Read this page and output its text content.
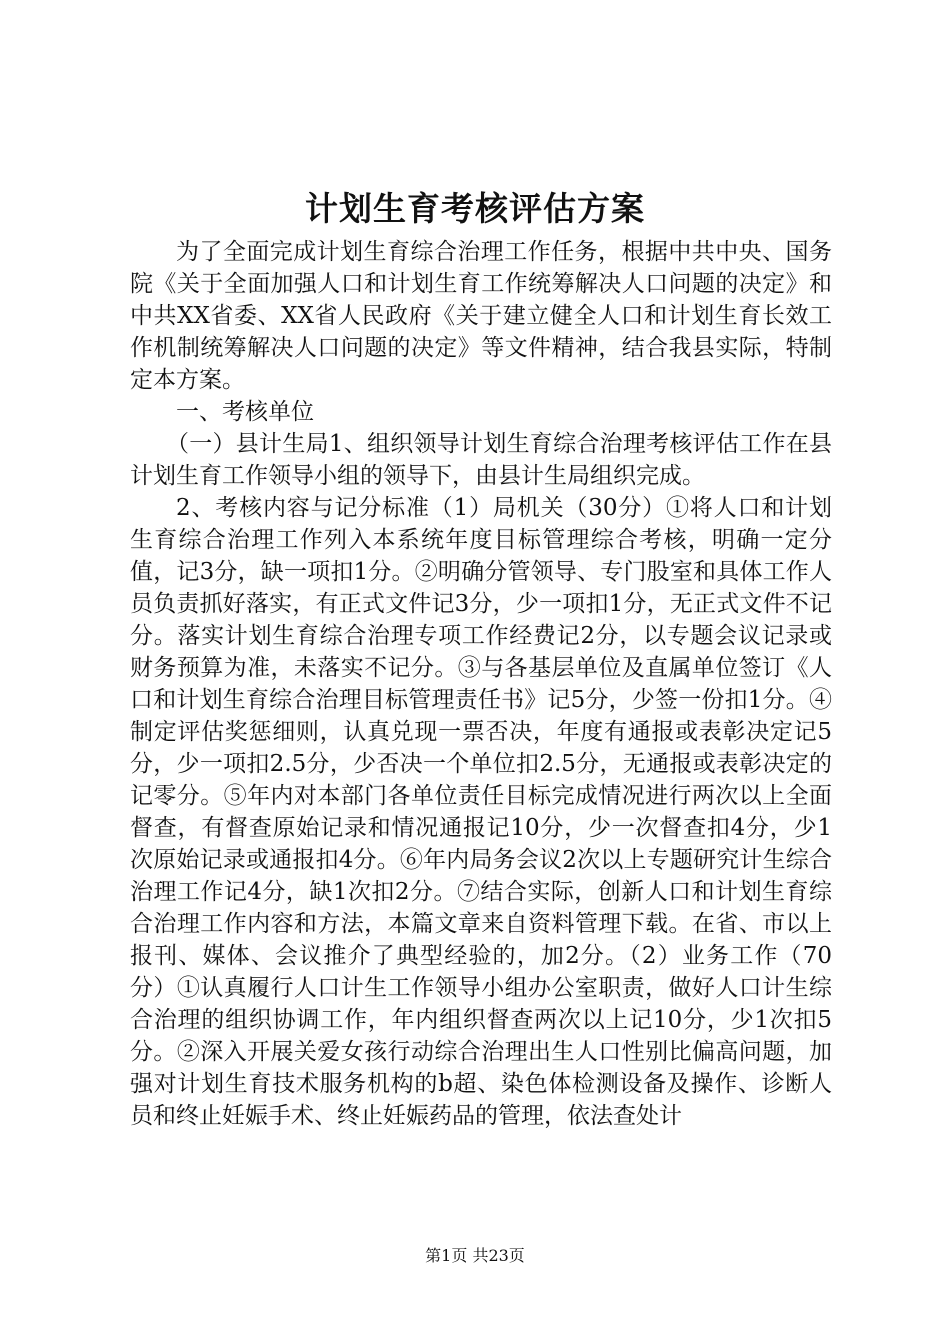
计划生育考核评估方案

为了全面完成计划生育综合治理工作任务，根据中共中央、国务院《关于全面加强人口和计划生育工作统筹解决人口问题的决定》和中共XX省委、XX省人民政府《关于建立健全人口和计划生育长效工作机制统筹解决人口问题的决定》等文件精神，结合我县实际，特制定本方案。

一、考核单位

（一）县计生局1、组织领导计划生育综合治理考核评估工作在县计划生育工作领导小组的领导下，由县计生局组织完成。

2、考核内容与记分标准（1）局机关（30分）①将人口和计划生育综合治理工作列入本系统年度目标管理综合考核，明确一定分值，记3分，缺一项扣1分。②明确分管领导、专门股室和具体工作人员负责抓好落实，有正式文件记3分，少一项扣1分，无正式文件不记分。落实计划生育综合治理专项工作经费记2分，以专题会议记录或财务预算为准，未落实不记分。③与各基层单位及直属单位签订《人口和计划生育综合治理目标管理责任书》记5分，少签一份扣1分。④制定评估奖惩细则，认真兑现一票否决，年度有通报或表彰决定记5分，少一项扣2.5分，少否决一个单位扣2.5分，无通报或表彰决定的记零分。⑤年内对本部门各单位责任目标完成情况进行两次以上全面督查，有督查原始记录和情况通报记10分，少一次督查扣4分，少1次原始记录或通报扣4分。⑥年内局务会议2次以上专题研究计生综合治理工作记4分，缺1次扣2分。⑦结合实际，创新人口和计划生育综合治理工作内容和方法，本篇文章来自资料管理下载。在省、市以上报刊、媒体、会议推介了典型经验的，加2分。（2）业务工作（70分）①认真履行人口计生工作领导小组办公室职责，做好人口计生综合治理的组织协调工作，年内组织督查两次以上记10分，少1次扣5分。②深入开展关爱女孩行动综合治理出生人口性别比偏高问题，加强对计划生育技术服务机构的b超、染色体检测设备及操作、诊断人员和终止妊娠手术、终止妊娠药品的管理，依法查处计

第1页 共23页
